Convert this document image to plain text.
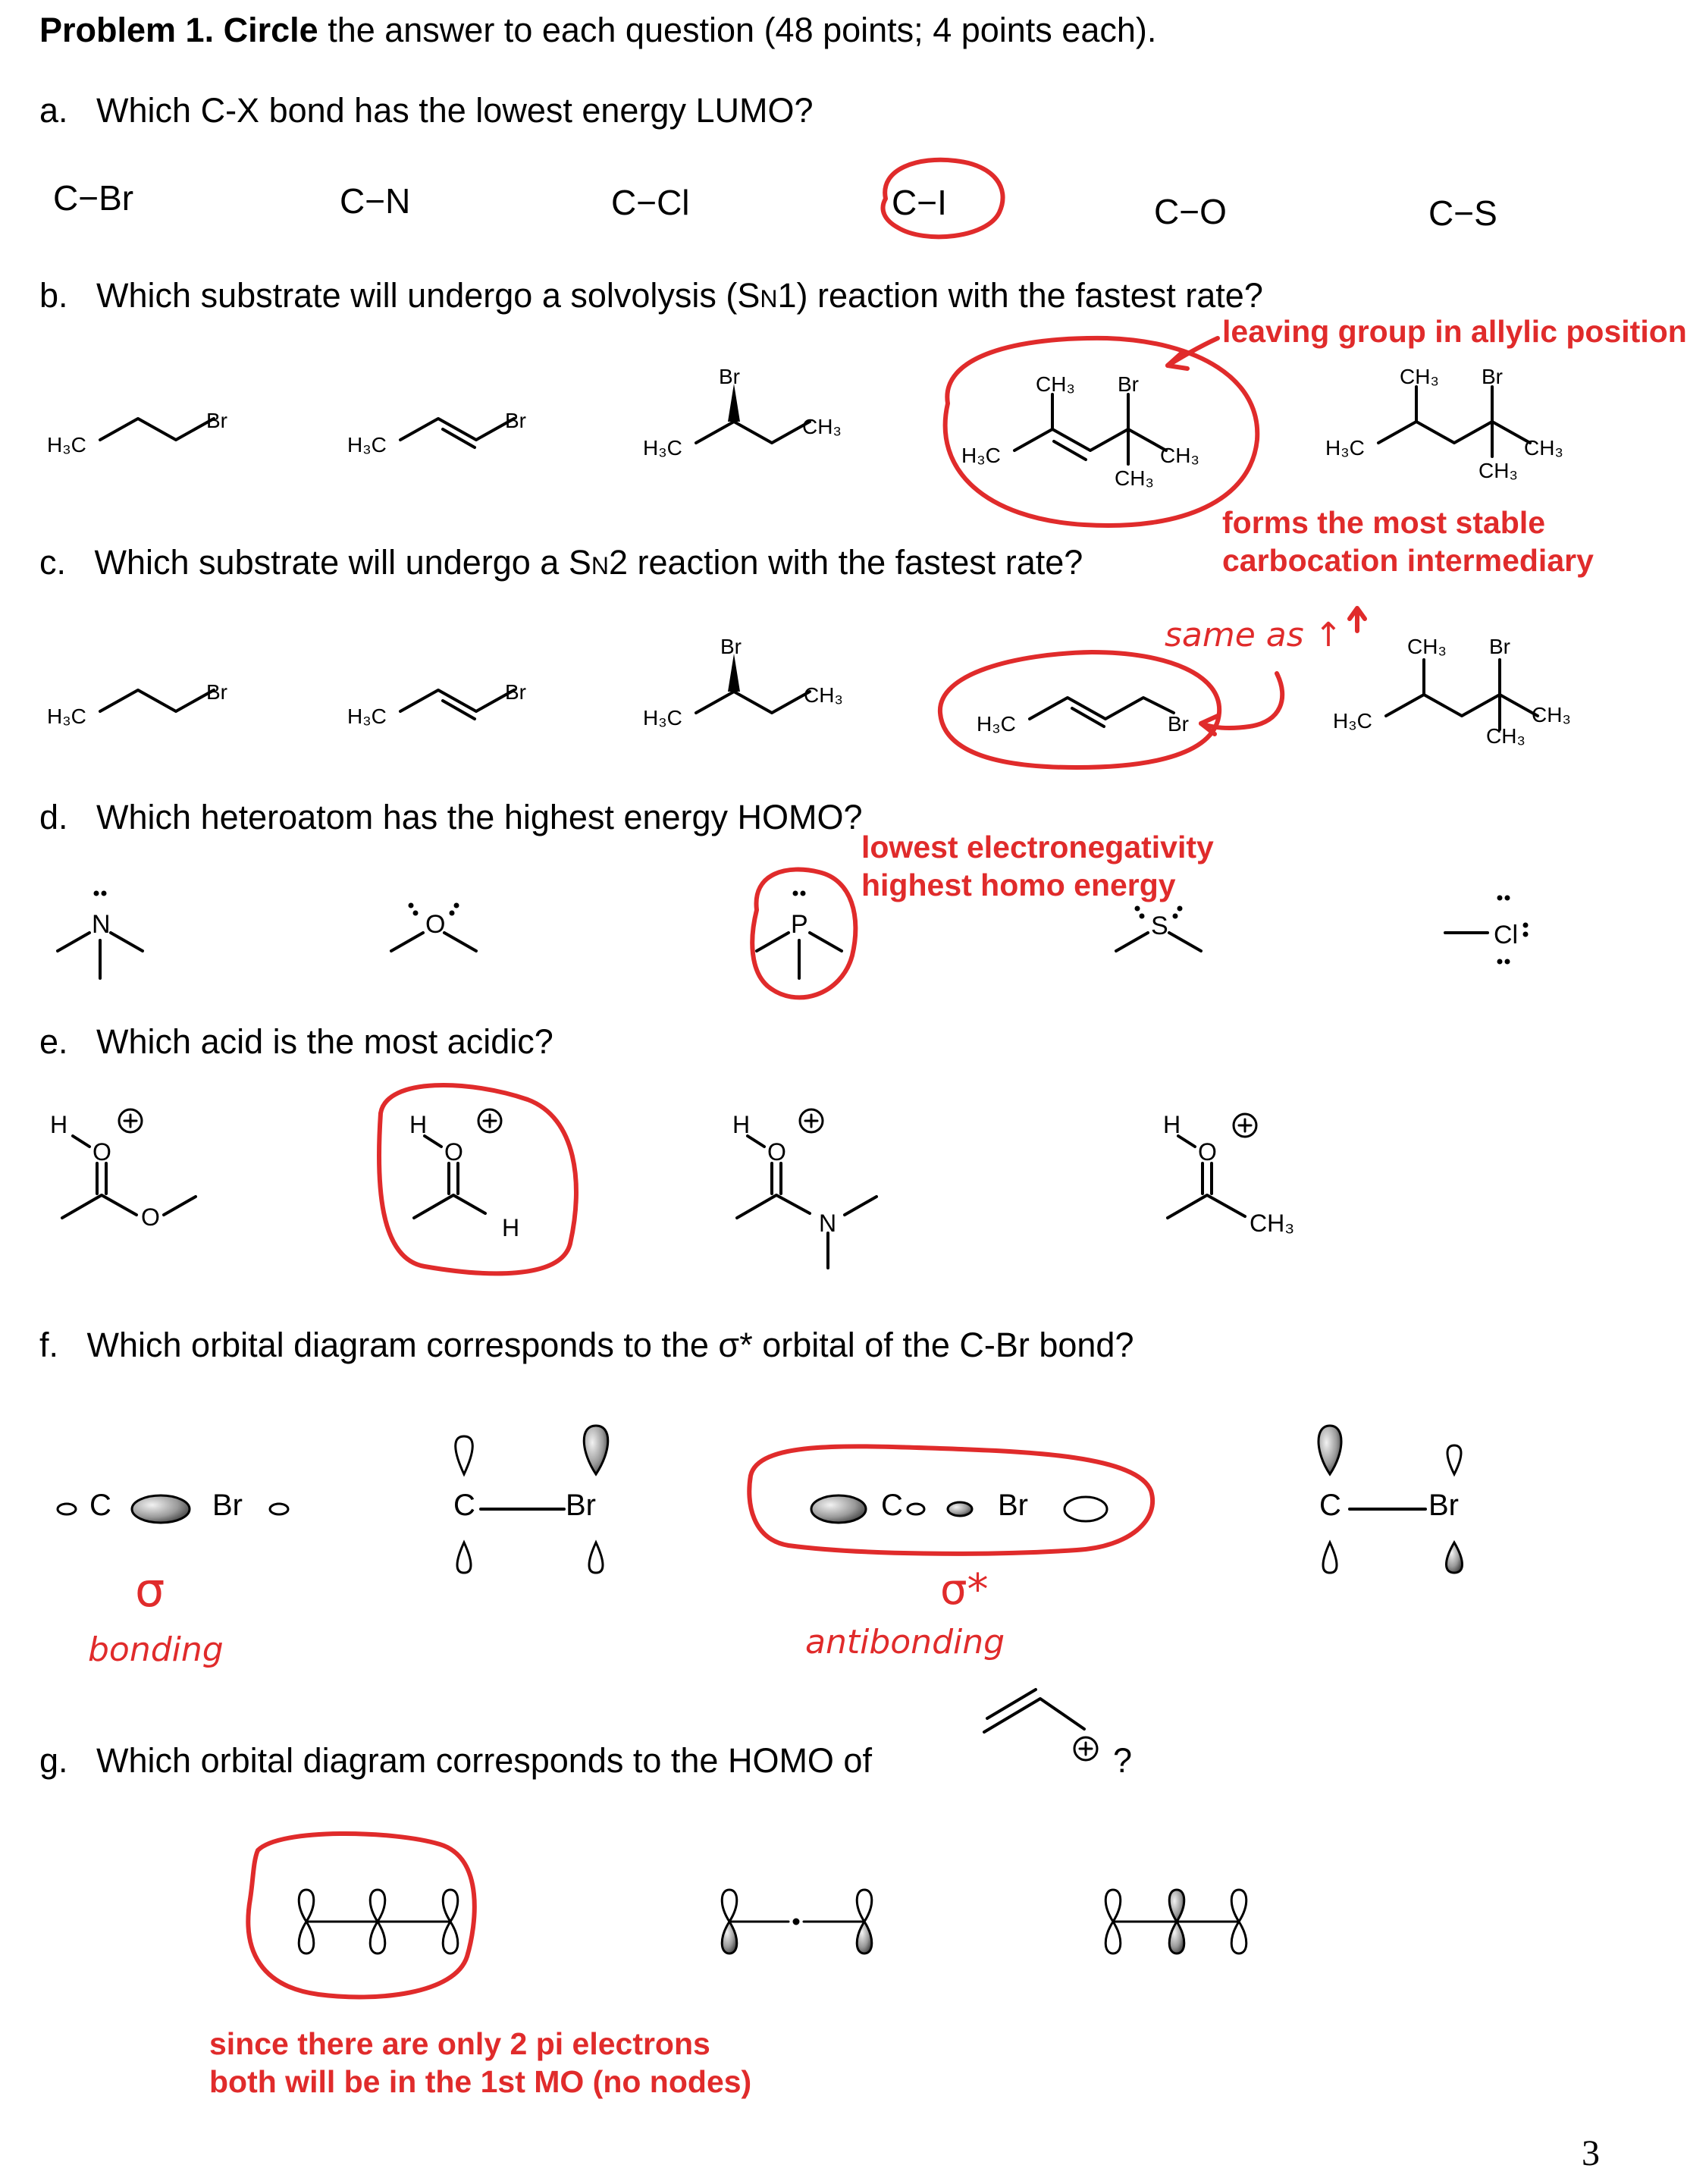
Problem 1. Circle the answer to each question (48 points; 4 points each).
a. Which C-X bond has the lowest energy LUMO?
C−Br	C−N	C−Cl	C−I	C−O	C−S
b. Which substrate will undergo a solvolysis (SN1) reaction with the fastest rate?
leaving group in allylic position
forms the most stable
carbocation intermediary
c. Which substrate will undergo a SN2 reaction with the fastest rate?
same as ↑
d. Which heteroatom has the highest energy HOMO?
lowest electronegativity
highest homo energy
e. Which acid is the most acidic?
f. Which orbital diagram corresponds to the σ* orbital of the C-Br bond?
σ
bonding
σ*
antibonding
g. Which orbital diagram corresponds to the HOMO of	?
since there are only 2 pi electrons
both will be in the 1st MO (no nodes)
3
H₃C
Br
H₃C
Br
H₃C
Br
CH₃
H₃C
CH₃ Br
CH₃
CH₃
H₃C
CH₃ Br
CH₃
CH₃
H₃C
Br
H₃C
Br
H₃C
Br
CH₃
H₃C	Br	H₃C
CH₃ Br
CH₃
CH₃
N	O	P	S	Cl
H
O
O
H
O
H
H
O
N
H
O
CH₃
C	Br	C	Br	C	Br	C	Br
